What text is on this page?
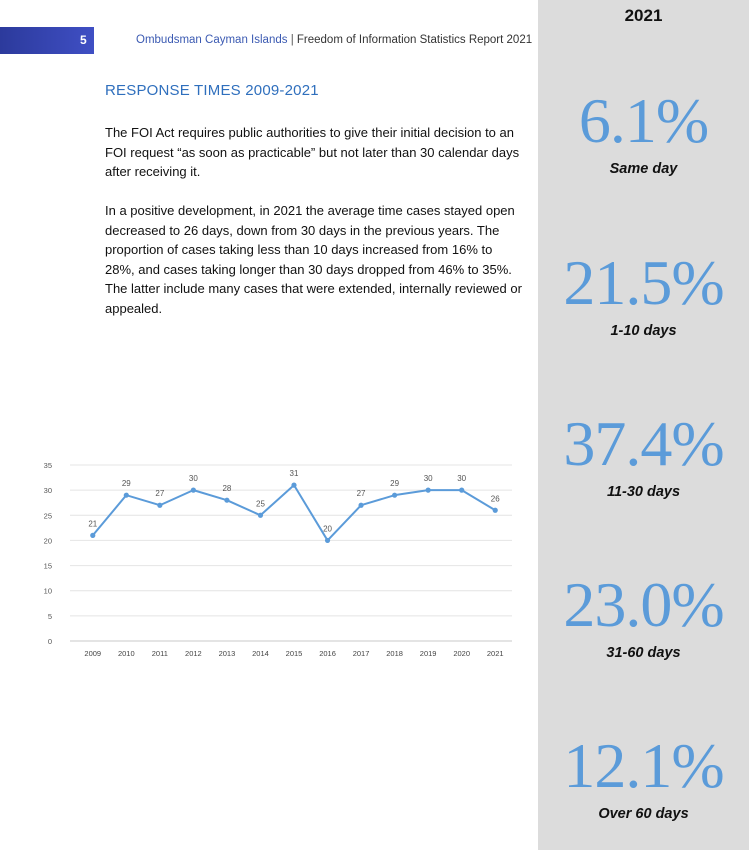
5	Ombudsman Cayman Islands | Freedom of Information Statistics Report 2021
RESPONSE TIMES 2009-2021

The FOI Act requires public authorities to give their initial decision to an FOI request “as soon as practicable” but not later than 30 calendar days after receiving it.

In a positive development, in 2021 the average time cases stayed open decreased to 26 days, down from 30 days in the previous years. The proportion of cases taking less than 10 days increased from 16% to 28%, and cases taking longer than 30 days dropped from 46% to 35%. The latter include many cases that were extended, internally reviewed or appealed.

0
5
10
15
20
25
30
35
2009 2010 2011 2012 2013 2014 2015 2016 2017 2018 2019 2020 2021
21
29
27
30
28
25
31
20
27
29
30	30
26
2021
6.1%
Same day
21.5%
1-10 days
37.4%
11-30 days
23.0%
31-60 days
12.1%
Over 60 days
